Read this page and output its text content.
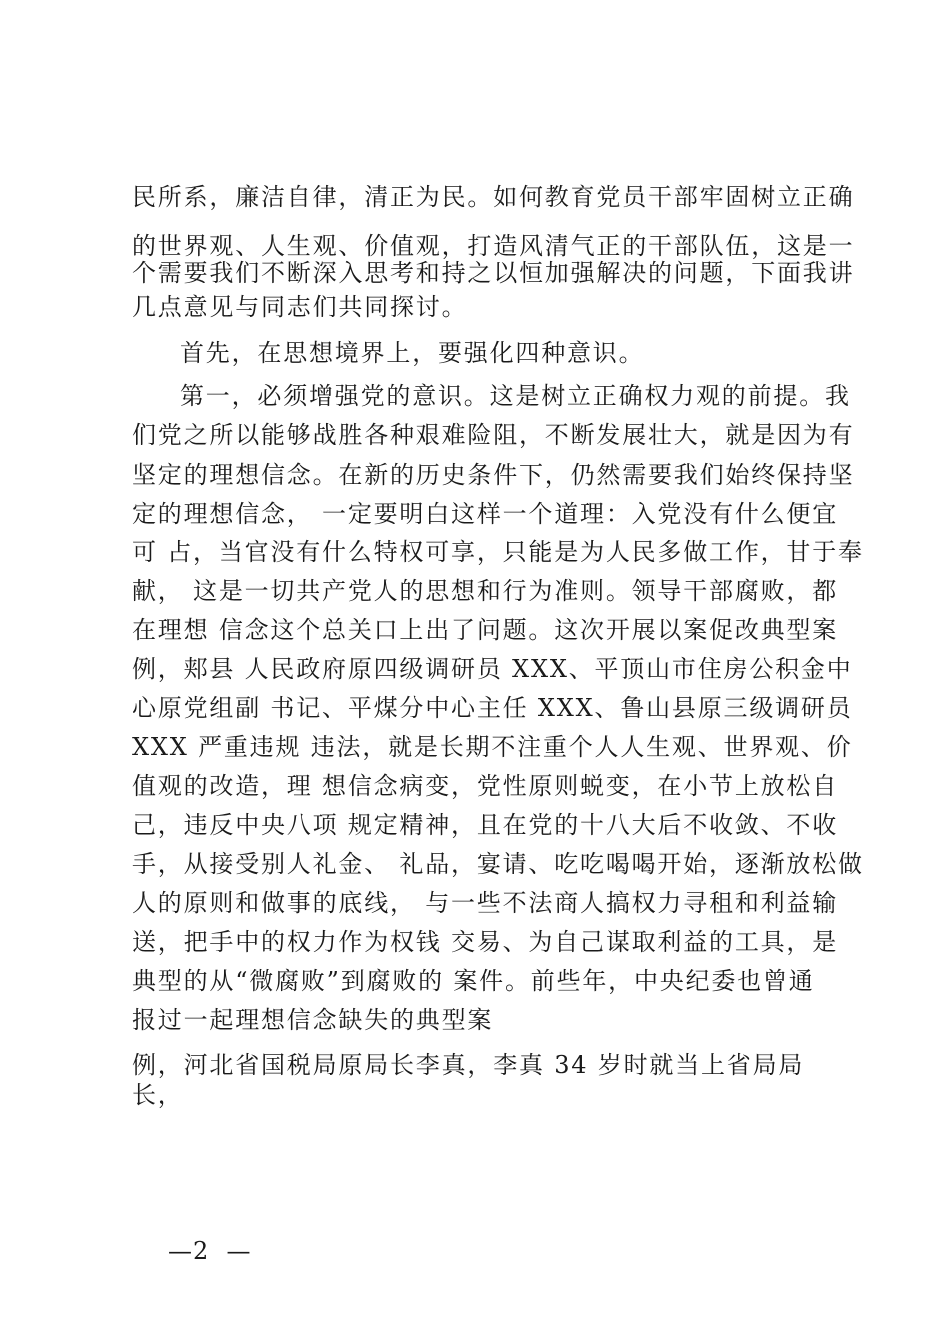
民所系，廉洁自律，清正为民。如何教育党员干部牢固树立正确
的世界观、人生观、价值观，打造风清气正的干部队伍，这是一
个需要我们不断深入思考和持之以恒加强解决的问题，下面我讲
几点意见与同志们共同探讨。
首先，在思想境界上，要强化四种意识。
第一，必须增强党的意识。这是树立正确权力观的前提。我
们党之所以能够战胜各种艰难险阻，不断发展壮大，就是因为有
坚定的理想信念。在新的历史条件下，仍然需要我们始终保持坚
定的理想信念， 一定要明白这样一个道理：入党没有什么便宜
可 占，当官没有什么特权可享，只能是为人民多做工作，甘于奉
献， 这是一切共产党人的思想和行为准则。领导干部腐败，都
在理想 信念这个总关口上出了问题。这次开展以案促改典型案
例，郏县 人民政府原四级调研员 XXX、平顶山市住房公积金中
心原党组副 书记、平煤分中心主任 XXX、鲁山县原三级调研员
XXX 严重违规 违法，就是长期不注重个人人生观、世界观、价
值观的改造，理 想信念病变，党性原则蜕变，在小节上放松自
己，违反中央八项 规定精神，且在党的十八大后不收敛、不收
手，从接受别人礼金、 礼品，宴请、吃吃喝喝开始，逐渐放松做
人的原则和做事的底线， 与一些不法商人搞权力寻租和利益输
送，把手中的权力作为权钱 交易、为自己谋取利益的工具，是
典型的从“微腐败”到腐败的 案件。前些年，中央纪委也曾通
报过一起理想信念缺失的典型案
例，河北省国税局原局长李真，李真 34 岁时就当上省局局
长，
—2  —
